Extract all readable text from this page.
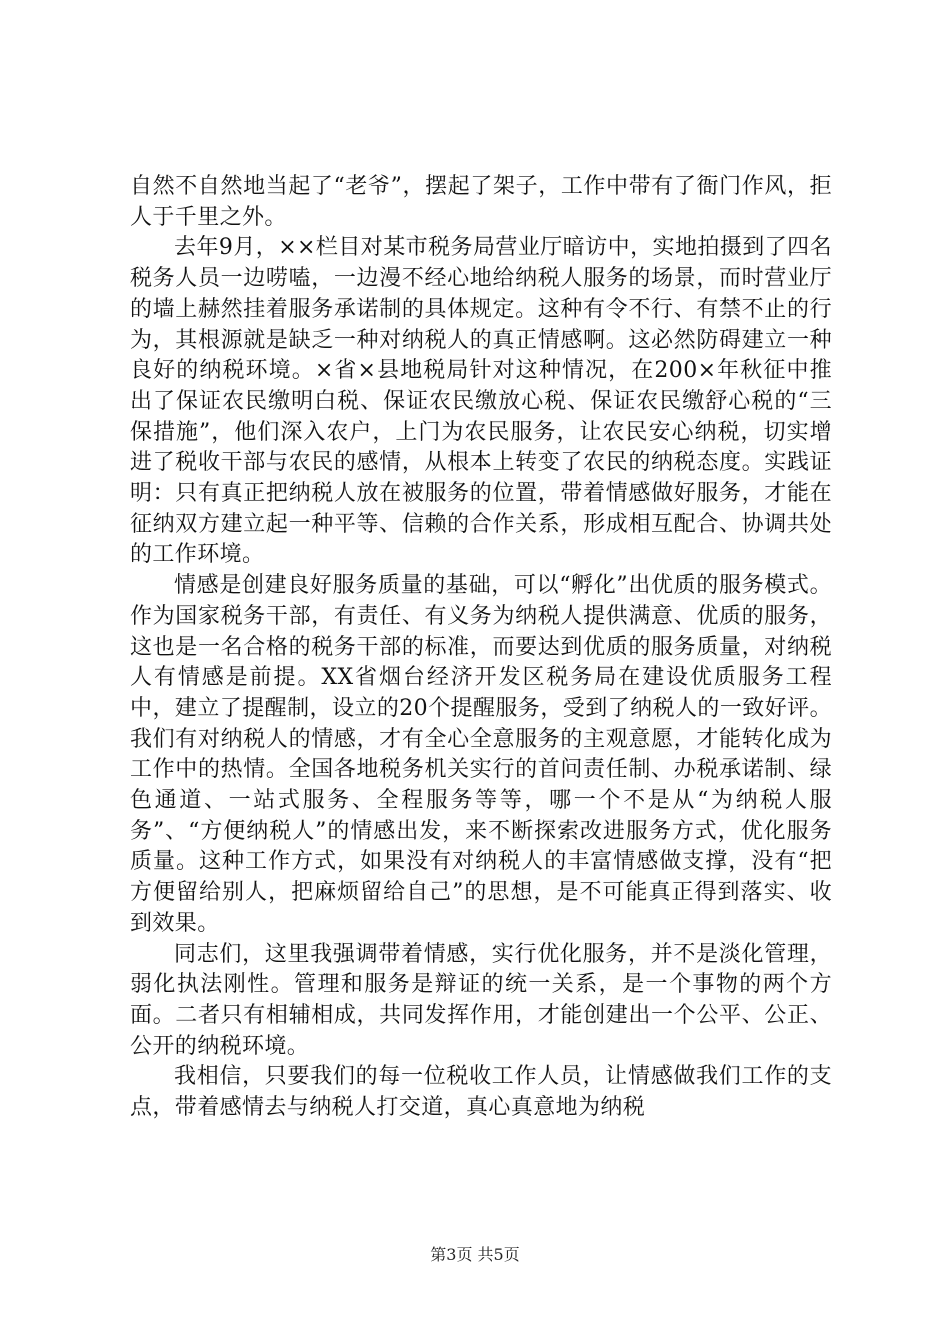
自然不自然地当起了“老爷”，摆起了架子，工作中带有了衙门作风，拒人于千里之外。

去年9月，××栏目对某市税务局营业厅暗访中，实地拍摄到了四名税务人员一边唠嗑，一边漫不经心地给纳税人服务的场景，而时营业厅的墙上赫然挂着服务承诺制的具体规定。这种有令不行、有禁不止的行为，其根源就是缺乏一种对纳税人的真正情感啊。这必然防碍建立一种良好的纳税环境。×省×县地税局针对这种情况，在200×年秋征中推出了保证农民缴明白税、保证农民缴放心税、保证农民缴舒心税的“三保措施”，他们深入农户，上门为农民服务，让农民安心纳税，切实增进了税收干部与农民的感情，从根本上转变了农民的纳税态度。实践证明：只有真正把纳税人放在被服务的位置，带着情感做好服务，才能在征纳双方建立起一种平等、信赖的合作关系，形成相互配合、协调共处的工作环境。

情感是创建良好服务质量的基础，可以“孵化”出优质的服务模式。作为国家税务干部，有责任、有义务为纳税人提供满意、优质的服务，这也是一名合格的税务干部的标准，而要达到优质的服务质量，对纳税人有情感是前提。XX省烟台经济开发区税务局在建设优质服务工程中，建立了提醒制，设立的20个提醒服务，受到了纳税人的一致好评。我们有对纳税人的情感，才有全心全意服务的主观意愿，才能转化成为工作中的热情。全国各地税务机关实行的首问责任制、办税承诺制、绿色通道、一站式服务、全程服务等等，哪一个不是从“为纳税人服务”、“方便纳税人”的情感出发，来不断探索改进服务方式，优化服务质量。这种工作方式，如果没有对纳税人的丰富情感做支撑，没有“把方便留给别人，把麻烦留给自己”的思想，是不可能真正得到落实、收到效果。

同志们，这里我强调带着情感，实行优化服务，并不是淡化管理，弱化执法刚性。管理和服务是辩证的统一关系，是一个事物的两个方面。二者只有相辅相成，共同发挥作用，才能创建出一个公平、公正、公开的纳税环境。

我相信，只要我们的每一位税收工作人员，让情感做我们工作的支点，带着感情去与纳税人打交道，真心真意地为纳税

第3页 共5页
